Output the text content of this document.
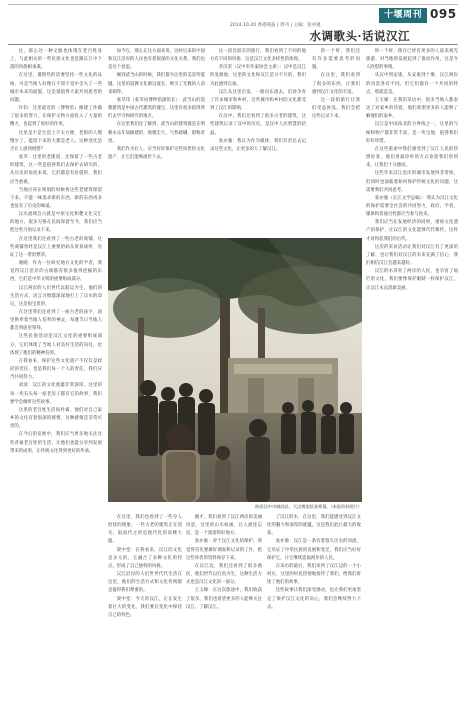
十堰周刊 095
2014.10.20 香港商报 | 周刊 | 主编：张亦驰
水调歌头·话说汉江

往，那么这一种文脉也体现在老百姓身上，与此相关的一些民俗文化也是跟长江中下游的风俗相承袭。

在这里，谨慎些的话要坚持一些文化的品格，可是当地人好像在不知不觉中丢失了一些城市本来的面貌，这是很值得大家共同思考的问题。

许钧：这里最近的（博物馆）修建工作做了很多的努力，在保护文物方面投入了大量的精力，也起到了很好的作用。

这里是不是生活上不太方便，老街的人慢慢少了，能留下来的大都是老人。这种变化是否让人感到惋惜？

张萃：这里的老街道，还保留了一些古老的建筑，这一些是值得我们去保护去研究的，从历史的角度来说，它们都是有价值的，我们应当重视。

当地应该在规划的时候将这些老建筑保留下来，不能一味追求新的东西，新的东西再多也没有了历史的味道。

汉水流域自古就是中原文化和楚文化交汇的地方，很多习俗在民间保留至今，我们应当把这些习俗记录下来。

在这里我们还看到了一些古老的商铺，这些商铺曾经是汉江上重要的码头贸易场所，见证了这一带的繁荣。

谢晓：作为一位研究地方文化的学者，我觉得汉江沿岸的古镇都有很多值得挖掘的东西，它们是中华文明的重要组成部分。

汉江两岸的人们世代以船运为生，他们的生活方式、语言习惯都深深地打上了汉水的印记，这是很宝贵的。

在这里我们还看到了一座古老的庙宇，庙里供奉着当地人信奉的神灵，每逢节日当地人都会到庙里祭拜。

这些民俗活动是汉江文化的重要组成部分，它们体现了当地人对美好生活的向往，也体现了他们的精神信仰。

在我看来，保护这些文化遗产不仅仅是政府的责任，也是我们每一个人的责任，我们应当共同努力。

刘清：汉江的文化底蕴非常深厚，这里的每一块石头每一座老房子都有它的故事，我们要学会倾听这些故事。

这里的老百姓生活很朴素，他们对自己家乡的文化有着很深的感情，这种感情是非常可贵的。

在今后的发展中，我们应当更多地关注这些普通老百姓的生活，让他们也能分享到发展带来的成果，让传统文化得到更好的传承。

如今在，那么在这方面来说，这时后来的中国和汉江沿岸的人民也有着很深的文化关系，我们也是这个意思。

刚到武当山的时候，我们都为这里的美景所震撼，这里的道教文化源远流长，吸引了无数的人前来朝拜。

张萃伟（张萃居博物馆副馆长）：武当山的道教建筑是中国古代建筑的瑰宝，这里有很多值得我们去学习和研究的地方。

在这里我们还了解到，武当山的建筑群是在明朝永乐年间修建的，规模宏大，气势磅礴，堪称奇迹。

我们作为后人，应当好好保护这些珍贵的文化遗产，让它们能够流传下去。

这一段比较长的旅行，我们看到了不同的地方有不同的风俗，这是汉江文化多样性的体现。

李汉荣（汉中市作家协会主席）：汉中是汉江的发源地，这里的文化和汉江是分不开的，我们为此感到自豪。

汉江从这里出发，一路向东流去，沿途孕育了许多城市和乡村，这些城市和乡村的文化都受到了汉江的影响。

在汉中，我们还看到了很多古老的建筑，这些建筑记录了汉中的历史，是汉中人民智慧的结晶。

张亦驰：我认为作为媒体，我们有责任去记录这些文化，让更多的人了解汉江。

的一个时，我们还有许多需要思考的问题。

在这里，我们看到了很多的东西，让我们感到汉江文化的丰富。

这一段的旅行让我们受益匪浅，我们会把这些记录下来。

的一个时，现在已经有更多的人前来观光旅游，对当地的发展起到了推动作用，这是令人欣慰的事情。

从汉中到安康，从安康到十堰，汉江两岸的风景各有不同，但它们都有一个共同的特点，那就是美。

王玉娣：在我的采访中，很多当地人都表达了对家乡的热爱，他们希望更多的人能够了解他们的家乡。

汉江是中国南北的分界线之一，这里的气候和物产都非常丰富，是一块宝地，值得我们好好珍惜。

在这些旅途中我们感受到了汉江人民的热情好客，他们用最淳朴的方式欢迎我们的到来，让我们十分感动。

这些年来汉江沿岸的城市发展得非常快，但同时也面临着如何保护传统文化的问题，这需要我们共同思考。

张亦驰（长江文学总编）：我认为汉江文化的保护需要全社会的共同努力，政府、学者、媒体和普通百姓都应当参与进来。

我们应当在发展经济的同时，重视文化遗产的保护，让汉江的文化能够代代相传，这样才对得起我们的后代。

这次的采访活动让我们对汉江有了更深的了解，也让我们对汉江的未来充满了信心，我们相信汉江会越来越好。

汉江的水养育了两岸的人民，也孕育了灿烂的文化，我们要像保护眼睛一样保护汉江，让汉江永远清澈美丽。

陕西汉中市城固县，大汉博望侯张骞墓。（本报资料图片）

在这里，我们也看到了一些令人担忧的现象，一些古老的建筑正在消失，取而代之的是现代化的高楼大厦。

梁中堂：在我看来，汉江的文化是多元的，它融合了多种文化的特点，形成了自己独特的风格。

汉江沿岸的人们世世代代生活在这里，他们的生活方式和文化传统都是值得我们尊重的。

梁中堂：今天的汉江，正在发生着巨大的变化，我们要在变化中保持自己的特色。

刚才，我们看到了汉江两岸的美丽风景，这里的山水如画，让人流连忘返，是一个旅游的好地方。

张亦驰：对于汉江文化的保护，我觉得首先要做好调查和记录的工作，把这些珍贵的资料保存下来。

在汉江边，我们还看到了很多渔民，他们世代以打鱼为生，这种生活方式也是汉江文化的一部分。

王玉娣：在这次旅途中，我们收获了很多，我们也希望更多的人能够关注汉江，了解汉江。

了汉江的水，在这里，我们能感受到汉江文化的魅力和深厚的底蕴，这是我们此行最大的收获。

张亦驰：汉江是一条有着悠久历史的河流，它见证了中华民族的发展和变迁，我们应当好好保护它，让它继续造福两岸的人民。

在采访的最后，我们来到了汉江边的一个小村庄，这里的村民热情地接待了我们，给我们讲述了他们的故事。

这些故事让我们深受感动，也让我们更加坚定了保护汉江文化的决心，我们会继续努力下去。
